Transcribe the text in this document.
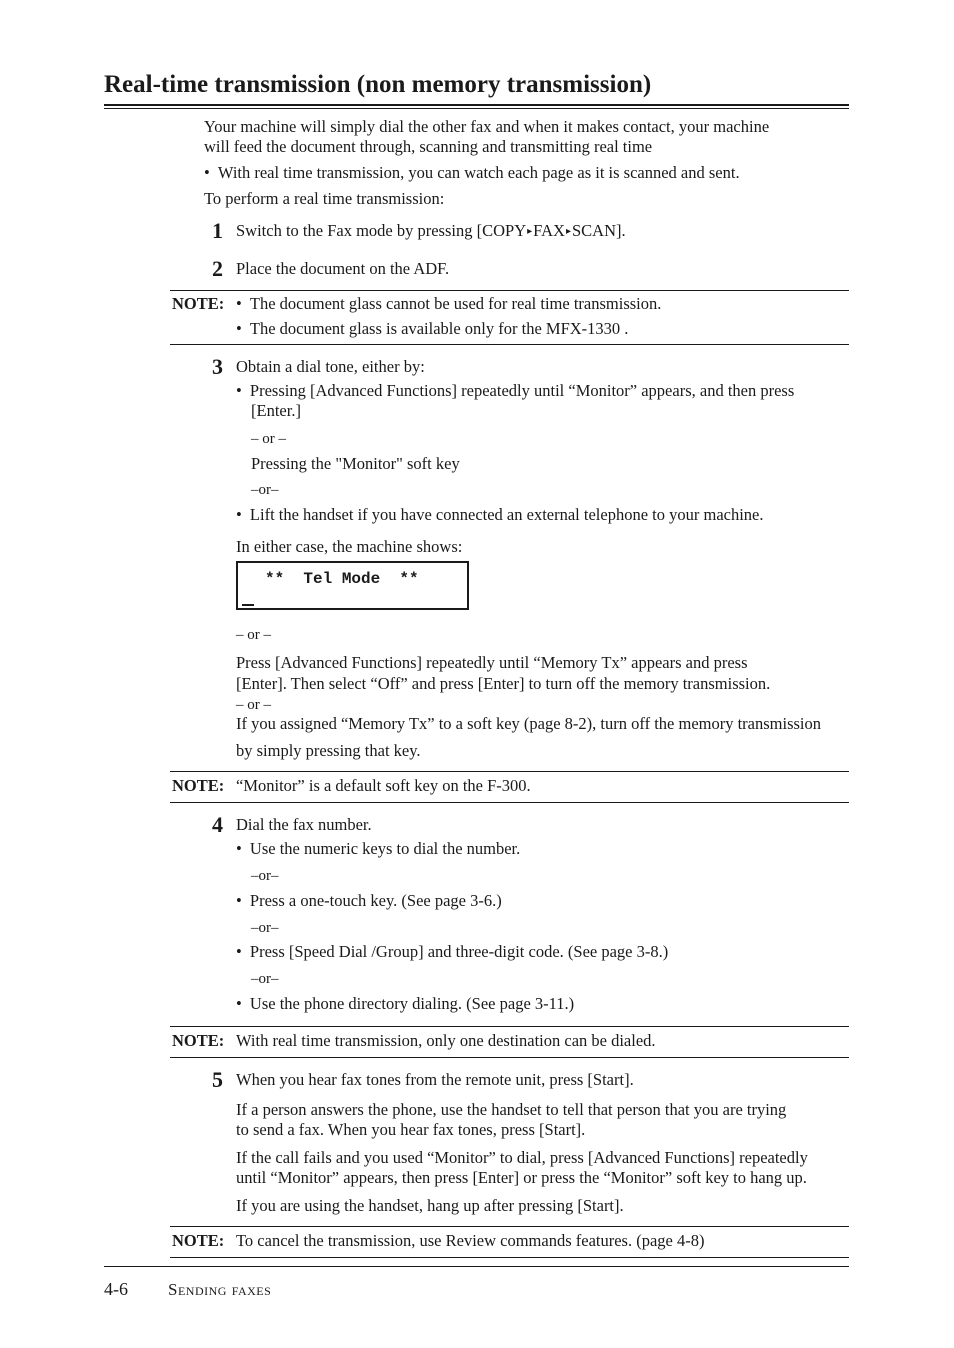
Real-time transmission (non memory transmission)
Your machine will simply dial the other fax and when it makes contact, your machine
will feed the document through, scanning and transmitting real time
• With real time transmission, you can watch each page as it is scanned and sent.
To perform a real time transmission:
1 Switch to the Fax mode by pressing [COPY▸FAX▸SCAN].
2 Place the document on the ADF.
NOTE: • The document glass cannot be used for real time transmission.
• The document glass is available only for the MFX-1330 .
3 Obtain a dial tone, either by:
• Pressing [Advanced Functions] repeatedly until “Monitor” appears, and then press
[Enter.]
– or –
Pressing the "Monitor" soft key
–or–
• Lift the handset if you have connected an external telephone to your machine.
In either case, the machine shows:
**  Tel Mode  **
– or –
Press [Advanced Functions] repeatedly until “Memory Tx” appears and press
[Enter]. Then select “Off” and press [Enter] to turn off the memory transmission.
– or –
If you assigned “Memory Tx” to a soft key (page 8-2), turn off the memory transmission
by simply pressing that key.
NOTE: “Monitor” is a default soft key on the F-300.
4 Dial the fax number.
• Use the numeric keys to dial the number.
–or–
• Press a one-touch key. (See page 3-6.)
–or–
• Press [Speed Dial /Group] and three-digit code. (See page 3-8.)
–or–
• Use the phone directory dialing. (See page 3-11.)
NOTE: With real time transmission, only one destination can be dialed.
5 When you hear fax tones from the remote unit, press [Start].
If a person answers the phone, use the handset to tell that person that you are trying
to send a fax. When you hear fax tones, press [Start].
If the call fails and you used “Monitor” to dial, press [Advanced Functions] repeatedly
until “Monitor” appears, then press [Enter] or press the “Monitor” soft key to hang up.
If you are using the handset, hang up after pressing [Start].
NOTE: To cancel the transmission, use Review commands features. (page 4-8)
4-6 Sending faxes
